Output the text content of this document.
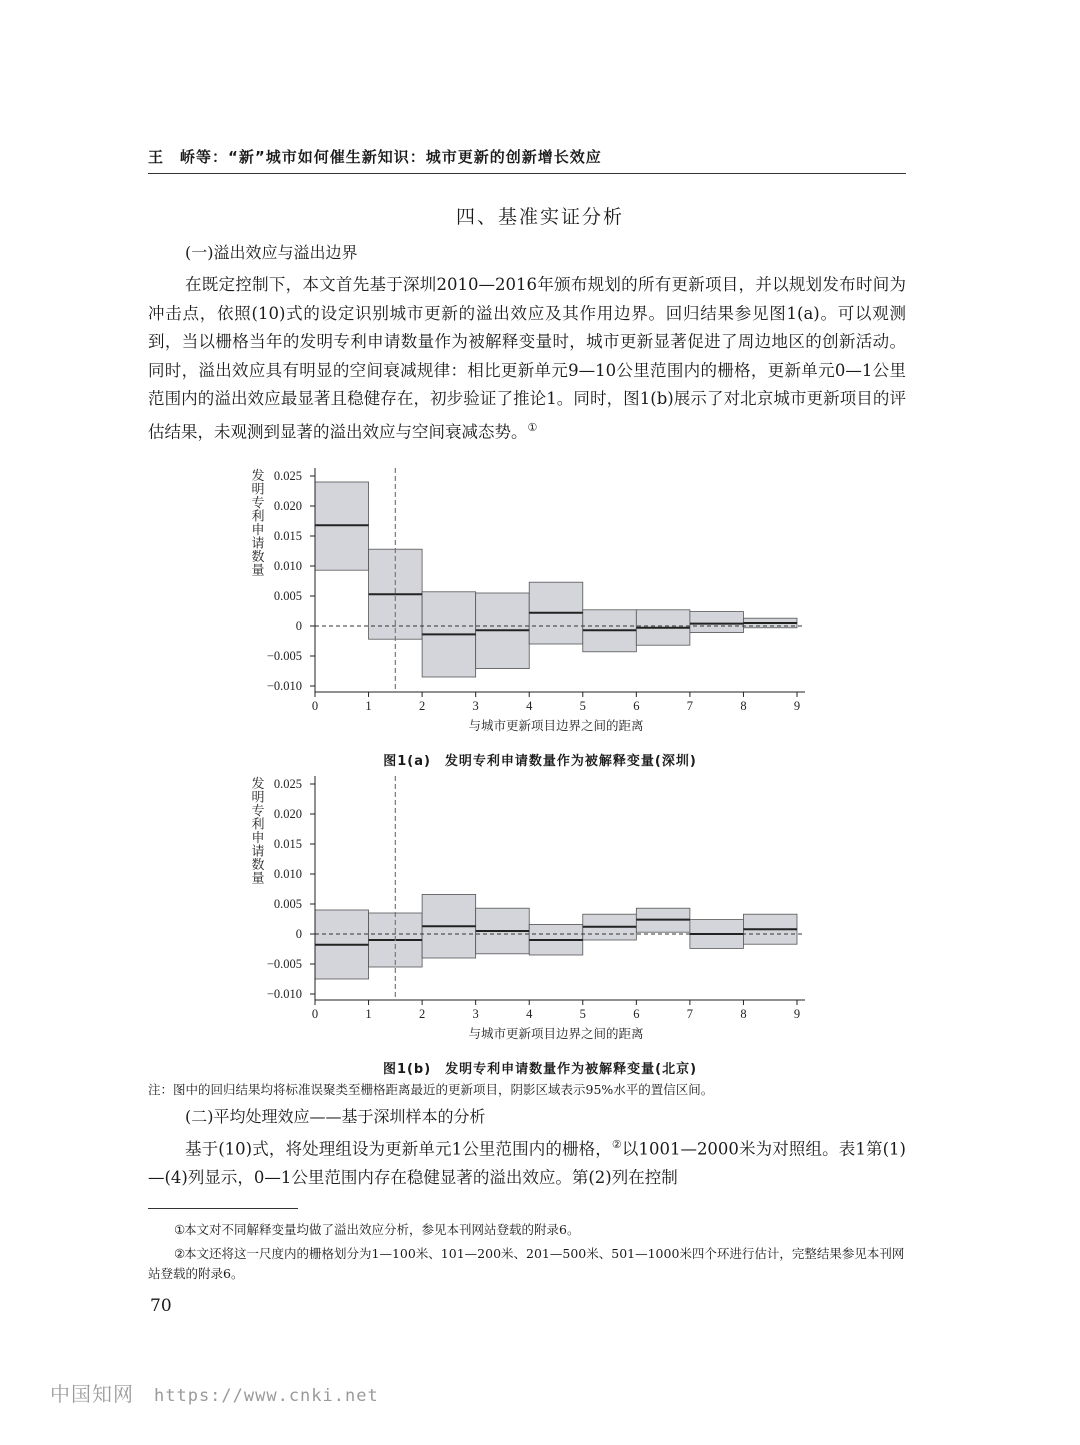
王　峤等：“新”城市如何催生新知识：城市更新的创新增长效应
四、基准实证分析
(一)溢出效应与溢出边界

在既定控制下，本文首先基于深圳2010—2016年颁布规划的所有更新项目，并以规划发布时间为冲击点，依照(10)式的设定识别城市更新的溢出效应及其作用边界。回归结果参见图1(a)。可以观测到，当以栅格当年的发明专利申请数量作为被解释变量时，城市更新显著促进了周边地区的创新活动。同时，溢出效应具有明显的空间衰减规律：相比更新单元9—10公里范围内的栅格，更新单元0—1公里范围内的溢出效应最显著且稳健存在，初步验证了推论1。同时，图1(b)展示了对北京城市更新项目的评估结果，未观测到显著的溢出效应与空间衰减态势。①

0.025
0.020
0.015
0.010
0.005
0
−0.005
−0.010
0	1	2	3	4	5	6	7	8	9
与城市更新项目边界之间的距离
发明专利申请数量
图1(a)　发明专利申请数量作为被解释变量(深圳)
0.025
0.020
0.015
0.010
0.005
0
−0.005
−0.010
0	1	2	3	4	5	6	7	8	9
与城市更新项目边界之间的距离
发明专利申请数量
图1(b)　发明专利申请数量作为被解释变量(北京)
注：图中的回归结果均将标准误聚类至栅格距离最近的更新项目，阴影区域表示95%水平的置信区间。
(二)平均处理效应——基于深圳样本的分析

基于(10)式，将处理组设为更新单元1公里范围内的栅格，②以1001—2000米为对照组。表1第(1)—(4)列显示，0—1公里范围内存在稳健显著的溢出效应。第(2)列在控制

①本文对不同解释变量均做了溢出效应分析，参见本刊网站登载的附录6。

②本文还将这一尺度内的栅格划分为1—100米、101—200米、201—500米、501—1000米四个环进行估计，完整结果参见本刊网站登载的附录6。

70
中国知网 https://www.cnki.net
